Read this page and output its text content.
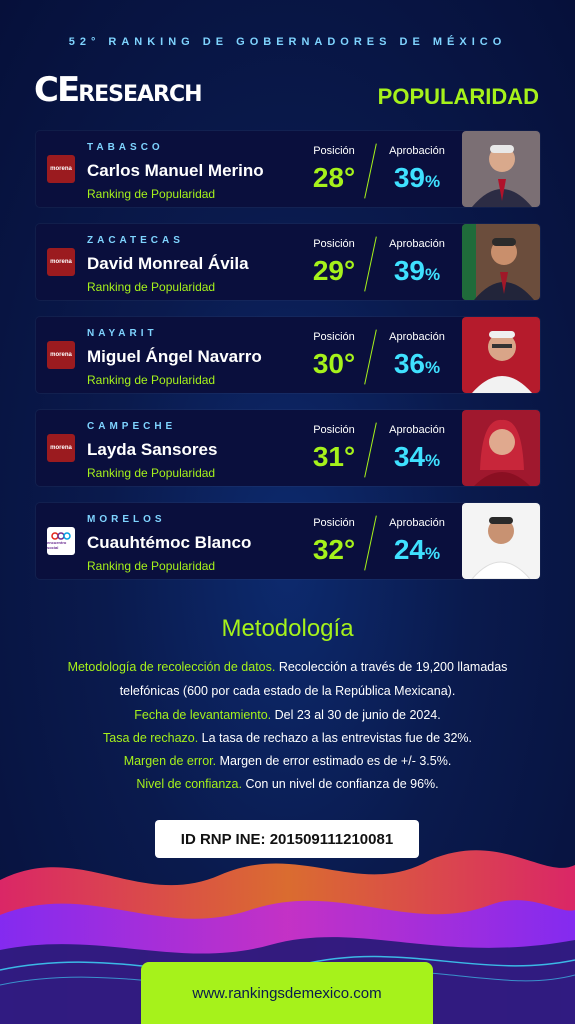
52° RANKING DE GOBERNADORES DE MÉXICO
CERESEARCH	POPULARIDAD
morena
TABASCO
Carlos Manuel Merino
Ranking de Popularidad
Posición
28°
Aprobación
39%
morena
ZACATECAS
David Monreal Ávila
Ranking de Popularidad
Posición
29°
Aprobación
39%
morena
NAYARIT
Miguel Ángel Navarro
Ranking de Popularidad
Posición
30°
Aprobación
36%
morena
CAMPECHE
Layda Sansores
Ranking de Popularidad
Posición
31°
Aprobación
34%
encuentro social
MORELOS
Cuauhtémoc Blanco
Ranking de Popularidad
Posición
32°
Aprobación
24%
Metodología
Metodología de recolección de datos. Recolección a través de 19,200 llamadas
telefónicas (600 por cada estado de la República Mexicana).
Fecha de levantamiento. Del 23 al 30 de junio de 2024.
Tasa de rechazo. La tasa de rechazo a las entrevistas fue de 32%.
Margen de error. Margen de error estimado es de +/- 3.5%.
Nivel de confianza. Con un nivel de confianza de 96%.
ID RNP INE: 201509111210081
www.rankingsdemexico.com
